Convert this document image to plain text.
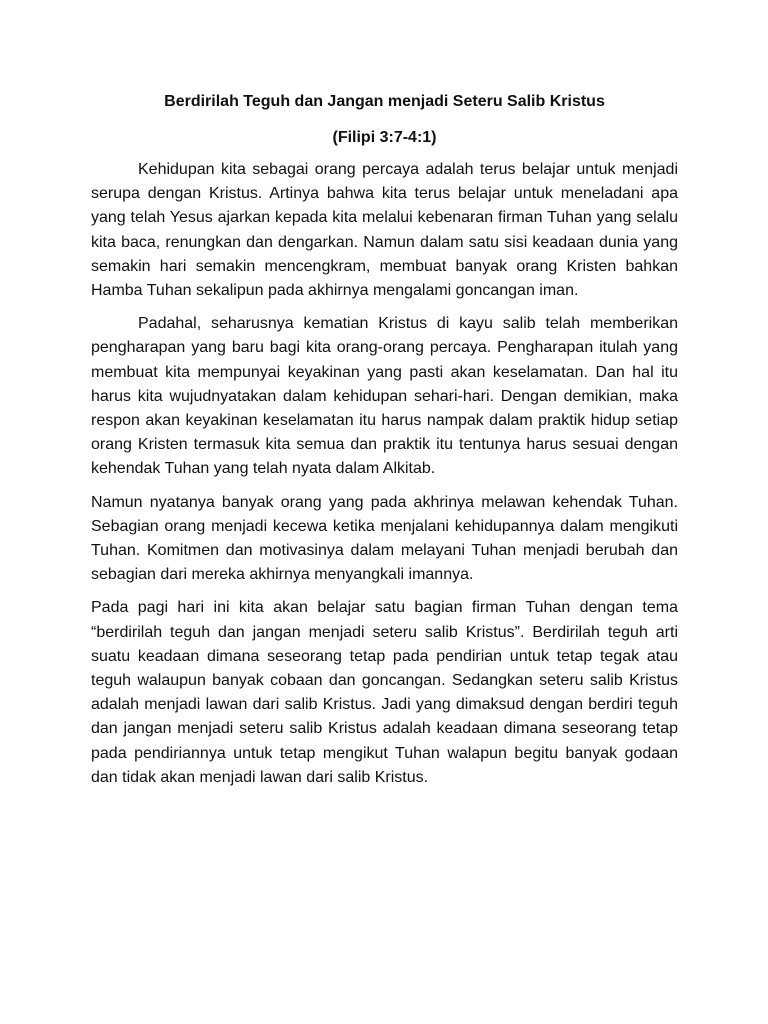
Berdirilah Teguh dan Jangan menjadi Seteru Salib Kristus
(Filipi 3:7-4:1)

Kehidupan kita sebagai orang percaya adalah terus belajar untuk menjadi serupa dengan Kristus. Artinya bahwa kita terus belajar untuk meneladani apa yang telah Yesus ajarkan kepada kita melalui kebenaran firman Tuhan yang selalu kita baca, renungkan dan dengarkan. Namun dalam satu sisi keadaan dunia yang semakin hari semakin mencengkram, membuat banyak orang Kristen bahkan Hamba Tuhan sekalipun pada akhirnya mengalami goncangan iman.

Padahal, seharusnya kematian Kristus di kayu salib telah memberikan pengharapan yang baru bagi kita orang-orang percaya. Pengharapan itulah yang membuat kita mempunyai keyakinan yang pasti akan keselamatan. Dan hal itu harus kita wujudnyatakan dalam kehidupan sehari-hari. Dengan demikian, maka respon akan keyakinan keselamatan itu harus nampak dalam praktik hidup setiap orang Kristen termasuk kita semua dan praktik itu tentunya harus sesuai dengan kehendak Tuhan yang telah nyata dalam Alkitab.

Namun nyatanya banyak orang yang pada akhrinya melawan kehendak Tuhan. Sebagian orang menjadi kecewa ketika menjalani kehidupannya dalam mengikuti Tuhan. Komitmen dan motivasinya dalam melayani Tuhan menjadi berubah dan sebagian dari mereka akhirnya menyangkali imannya.

Pada pagi hari ini kita akan belajar satu bagian firman Tuhan dengan tema “berdirilah teguh dan jangan menjadi seteru salib Kristus”. Berdirilah teguh arti suatu keadaan dimana seseorang tetap pada pendirian untuk tetap tegak atau teguh walaupun banyak cobaan dan goncangan. Sedangkan seteru salib Kristus adalah menjadi lawan dari salib Kristus. Jadi yang dimaksud dengan berdiri teguh dan jangan menjadi seteru salib Kristus adalah keadaan dimana seseorang tetap pada pendiriannya untuk tetap mengikut Tuhan walapun begitu banyak godaan dan tidak akan menjadi lawan dari salib Kristus.
